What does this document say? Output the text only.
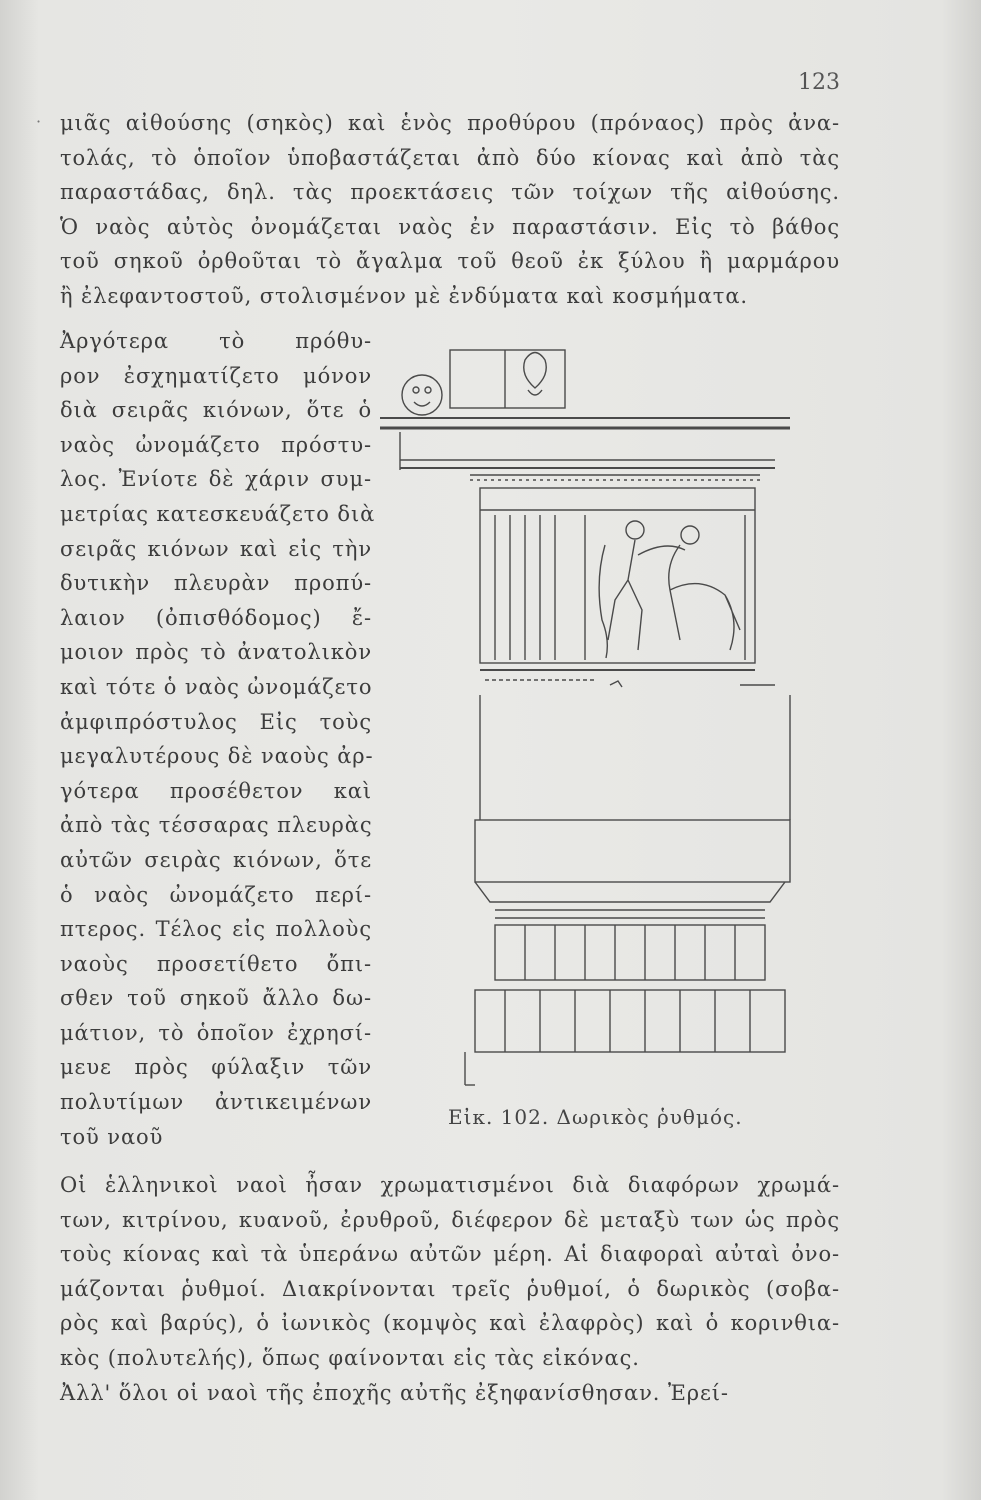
123
· μιᾶς αἰθούσης (σηκὸς) καὶ ἑνὸς προθύρου (πρόναος) πρὸς ἀνα-
τολάς, τὸ ὁποῖον ὑποβαστάζεται ἀπὸ δύο κίονας καὶ ἀπὸ τὰς
παραστάδας, δηλ. τὰς προεκτάσεις τῶν τοίχων τῆς αἰθούσης.
Ὁ ναὸς αὐτὸς ὀνομάζεται ναὸς ἐν παραστάσιν. Εἰς τὸ βάθος
τοῦ σηκοῦ ὀρθοῦται τὸ ἄγαλμα τοῦ θεοῦ ἐκ ξύλου ἢ μαρμάρου
ἢ ἐλεφαντοστοῦ, στολισμένον μὲ ἐνδύματα καὶ κοσμήματα.
Ἀργότερα τὸ πρόθυ-
ρον ἐσχηματίζετο μόνον
διὰ σειρᾶς κιόνων, ὅτε ὁ
ναὸς ὠνομάζετο πρόστυ-
λος. Ἐνίοτε δὲ χάριν συμ-
μετρίας κατεσκευάζετο διὰ
σειρᾶς κιόνων καὶ εἰς τὴν
δυτικὴν πλευρὰν προπύ-
λαιον (ὀπισθόδομος) ἔ-
μοιον πρὸς τὸ ἀνατολικὸν
καὶ τότε ὁ ναὸς ὠνομάζετο
ἀμφιπρόστυλος Εἰς τοὺς
μεγαλυτέρους δὲ ναοὺς ἀρ-
γότερα προσέθετον καὶ
ἀπὸ τὰς τέσσαρας πλευρὰς
αὐτῶν σειρὰς κιόνων, ὅτε
ὁ ναὸς ὠνομάζετο περί-
πτερος. Τέλος εἰς πολλοὺς
ναοὺς προσετίθετο ὄπι-
σθεν τοῦ σηκοῦ ἄλλο δω-
μάτιον, τὸ ὁποῖον ἐχρησί-
μευε πρὸς φύλαξιν τῶν
πολυτίμων ἀντικειμένων
τοῦ ναοῦ
Εἰκ. 102. Δωρικὸς ῥυθμός.
Οἱ ἑλληνικοὶ ναοὶ ἦσαν χρωματισμένοι διὰ διαφόρων χρωμά-
των, κιτρίνου, κυανοῦ, ἐρυθροῦ, διέφερον δὲ μεταξὺ των ὡς πρὸς
τοὺς κίονας καὶ τὰ ὑπεράνω αὐτῶν μέρη. Αἱ διαφοραὶ αὐταὶ ὀνο-
μάζονται ῥυθμοί. Διακρίνονται τρεῖς ῥυθμοί, ὁ δωρικὸς (σοβα-
ρὸς καὶ βαρύς), ὁ ἰωνικὸς (κομψὸς καὶ ἐλαφρὸς) καὶ ὁ κορινθια-
κὸς (πολυτελής), ὅπως φαίνονται εἰς τὰς εἰκόνας.
Ἀλλ' ὅλοι οἱ ναοὶ τῆς ἐποχῆς αὐτῆς ἐξηφανίσθησαν. Ἐρεί-
